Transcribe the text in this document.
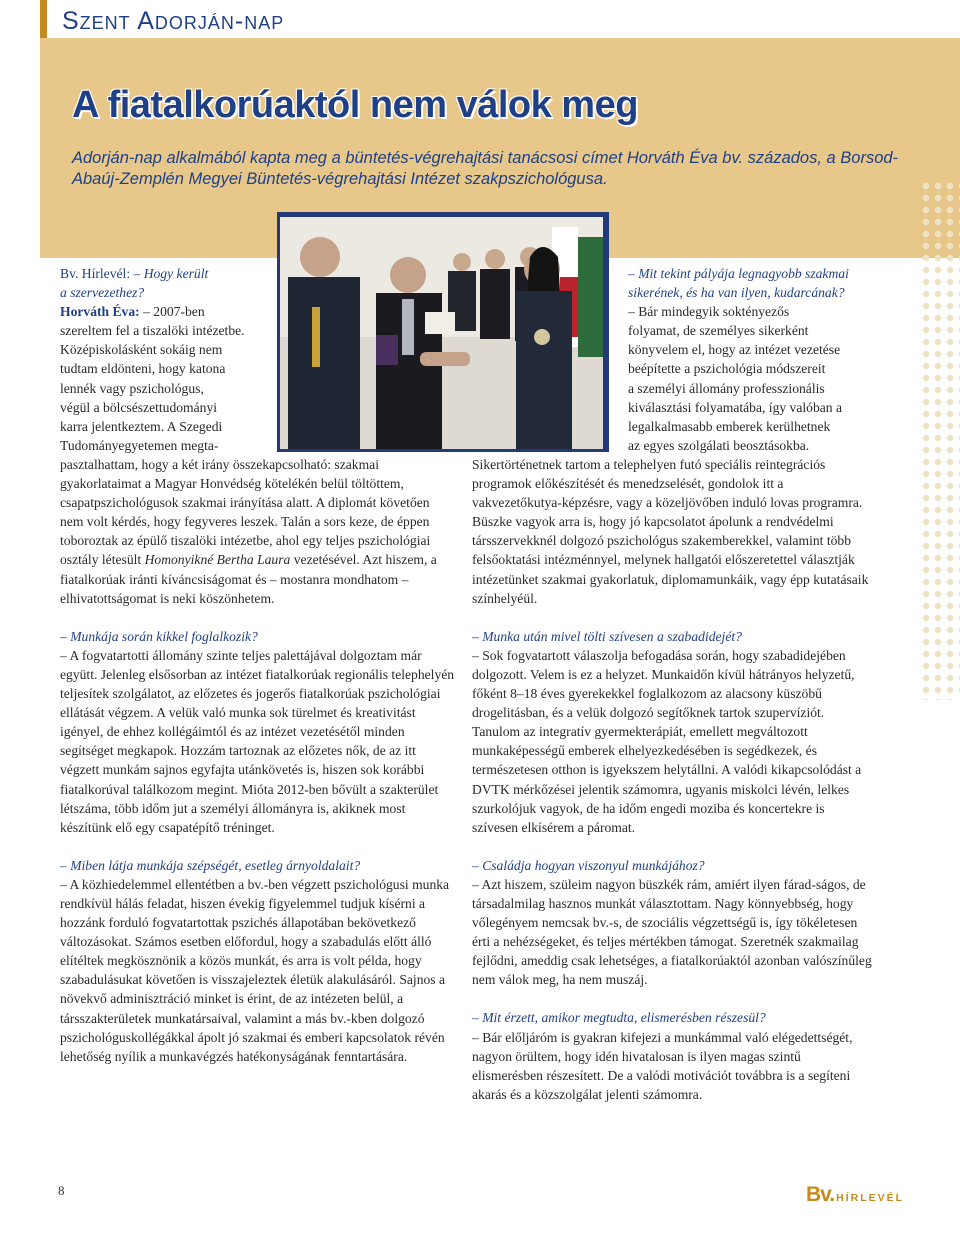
Szent Adorján-nap
A fiatalkorúaktól nem válok meg
Adorján-nap alkalmából kapta meg a büntetés-végrehajtási tanácsosi címet Horváth Éva bv. százados, a Borsod-Abaúj-Zemplén Megyei Büntetés-végrehajtási Intézet szakpszichológusa.

Bv. Hírlevél: – Hogy került

a szervezethez?

Horváth Éva: – 2007-ben

szereltem fel a tiszalöki intézetbe.

Középiskolásként sokáig nem

tudtam eldönteni, hogy katona

lennék vagy pszichológus,

végül a bölcsészettudományi

karra jelentkeztem. A Szegedi

Tudományegyetemen megta-

pasztalhattam, hogy a két irány összekapcsolható: szakmai gyakorlataimat a Magyar Honvédség kötelékén belül töltöttem, csapatpszichológusok szakmai irányítása alatt. A diplomát követően nem volt kérdés, hogy fegyveres leszek. Talán a sors keze, de éppen toboroztak az épülő tiszalöki intézetbe, ahol egy teljes pszichológiai osztály létesült Homonyikné Bertha Laura vezetésével. Azt hiszem, a fiatalkorúak iránti kíváncsiságomat és – mostanra mondhatom – elhivatottságomat is neki köszönhetem.

– Munkája során kikkel foglalkozik?

– A fogvatartotti állomány szinte teljes palettájával dolgoztam már együtt. Jelenleg elsősorban az intézet fiatalkorúak regionális telephelyén teljesítek szolgálatot, az előzetes és jogerős fiatalkorúak pszichológiai ellátását végzem. A velük való munka sok türelmet és kreativitást igényel, de ehhez kollégáimtól és az intézet vezetésétől minden segítséget megkapok. Hozzám tartoznak az előzetes nők, de az itt végzett munkám sajnos egyfajta utánkövetés is, hiszen sok korábbi fiatalkorúval találkozom megint. Mióta 2012-ben bővült a szakterület létszáma, több időm jut a személyi állományra is, akiknek most készítünk elő egy csapatépítő tréninget.

– Miben látja munkája szépségét, esetleg árnyoldalait?

– A közhiedelemmel ellentétben a bv.-ben végzett pszichológusi munka rendkívül hálás feladat, hiszen évekig figyelemmel tudjuk kísérni a hozzánk forduló fogvatartottak pszichés állapotában bekövetkező változásokat. Számos esetben előfordul, hogy a szabadulás előtt álló elítéltek megkösznönik a közös munkát, és arra is volt példa, hogy szabadulásukat követően is visszajeleztek életük alakulásáról. Sajnos a növekvő adminisztráció minket is érint, de az intézeten belül, a társszakterületek munkatársaival, valamint a más bv.-kben dolgozó pszichológuskollégákkal ápolt jó szakmai és emberi kapcsolatok révén lehetőség nyílik a munkavégzés hatékonyságának fenntartására.

– Mit tekint pályája legnagyobb szakmai

sikerének, és ha van ilyen, kudarcának?

– Bár mindegyik soktényezős

folyamat, de személyes sikerként

könyvelem el, hogy az intézet vezetése

beépítette a pszichológia módszereit

a személyi állomány professzionális

kiválasztási folyamatába, így valóban a

legalkalmasabb emberek kerülhetnek

az egyes szolgálati beosztásokba.

Sikertörténetnek tartom a telephelyen futó speciális reintegrációs programok előkészítését és menedzselését, gondolok itt a vakvezetőkutya-képzésre, vagy a közeljövőben induló lovas programra. Büszke vagyok arra is, hogy jó kapcsolatot ápolunk a rendvédelmi társszervekknél dolgozó pszichológus szakemberekkel, valamint több felsőoktatási intézménnyel, melynek hallgatói előszeretettel választják intézetünket szakmai gyakorlatuk, diplomamunkáik, vagy épp kutatásaik színhelyéül.

– Munka után mivel tölti szívesen a szabadidejét?

– Sok fogvatartott válaszolja befogadása során, hogy szabadidejében dolgozott. Velem is ez a helyzet. Munkaidőn kívül hátrányos helyzetű, főként 8–18 éves gyerekekkel foglalkozom az alacsony küszöbű drogelitásban, és a velük dolgozó segítőknek tartok szupervíziót. Tanulom az integratív gyermekterápiát, emellett megváltozott munkaképességű emberek elhelyezkedésében is segédkezek, és természetesen otthon is igyekszem helytállni. A valódi kikapcsolódást a DVTK mérkőzései jelentik számomra, ugyanis miskolci lévén, lelkes szurkolójuk vagyok, de ha időm engedi moziba és koncertekre is szívesen elkísérem a páromat.

– Családja hogyan viszonyul munkájához?

– Azt hiszem, szüleim nagyon büszkék rám, amiért ilyen fárad-ságos, de társadalmilag hasznos munkát választottam. Nagy könnyebbség, hogy vőlegényem nemcsak bv.-s, de szociális végzettségű is, így tökéletesen érti a nehézségeket, és teljes mértékben támogat. Szeretnék szakmailag fejlődni, ameddig csak lehetséges, a fiatalkorúaktól azonban valószínűleg nem válok meg, ha nem muszáj.

– Mit érzett, amikor megtudta, elismerésben részesül?

– Bár előljáróm is gyakran kifejezi a munkámmal való elégedettségét, nagyon örültem, hogy idén hivatalosan is ilyen magas szintű elismerésben részesített. De a valódi motivációt továbbra is a segíteni akarás és a közszolgálat jelenti számomra.

8	Bv. HÍRLEVÉL
